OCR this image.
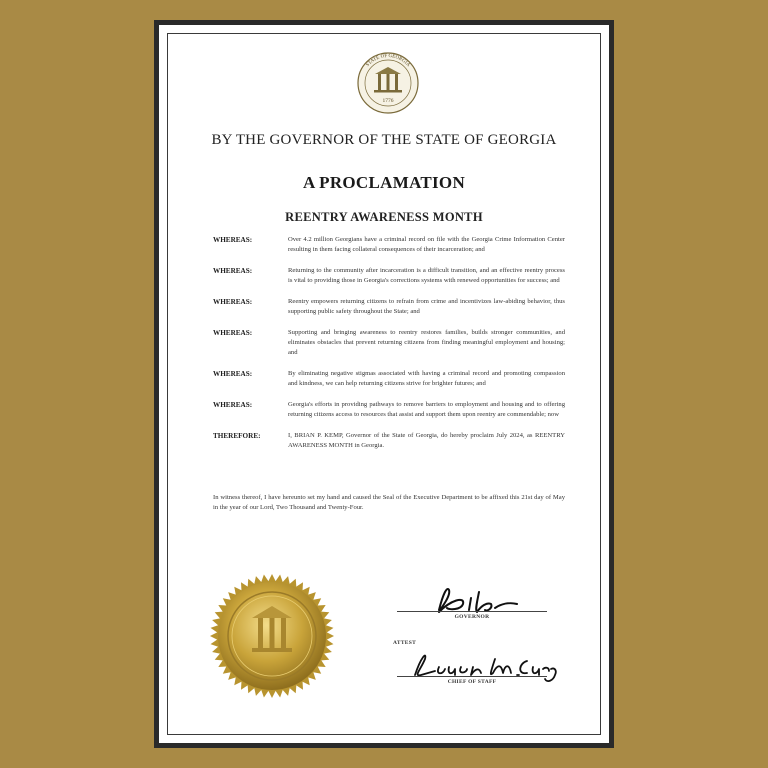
STATE OF GEORGIA
1776
BY THE GOVERNOR OF THE STATE OF GEORGIA
A PROCLAMATION
REENTRY AWARENESS MONTH
WHEREAS:	Over 4.2 million Georgians have a criminal record on file with the Georgia Crime Information Center resulting in them facing collateral consequences of their incarceration; and
WHEREAS:	Returning to the community after incarceration is a difficult transition, and an effective reentry process is vital to providing those in Georgia's corrections systems with renewed opportunities for success; and
WHEREAS:	Reentry empowers returning citizens to refrain from crime and incentivizes law-abiding behavior, thus supporting public safety throughout the State; and
WHEREAS:	Supporting and bringing awareness to reentry restores families, builds stronger communities, and eliminates obstacles that prevent returning citizens from finding meaningful employment and housing; and
WHEREAS:	By eliminating negative stigmas associated with having a criminal record and promoting compassion and kindness, we can help returning citizens strive for brighter futures; and
WHEREAS:	Georgia's efforts in providing pathways to remove barriers to employment and housing and to offering returning citizens access to resources that assist and support them upon reentry are commendable; now
THEREFORE:	I, BRIAN P. KEMP, Governor of the State of Georgia, do hereby proclaim July 2024, as REENTRY AWARENESS MONTH in Georgia.
In witness thereof, I have hereunto set my hand and caused the Seal of the Executive Department to be affixed this 21st day of May in the year of our Lord, Two Thousand and Twenty-Four.
GOVERNOR
ATTEST
CHIEF OF STAFF
